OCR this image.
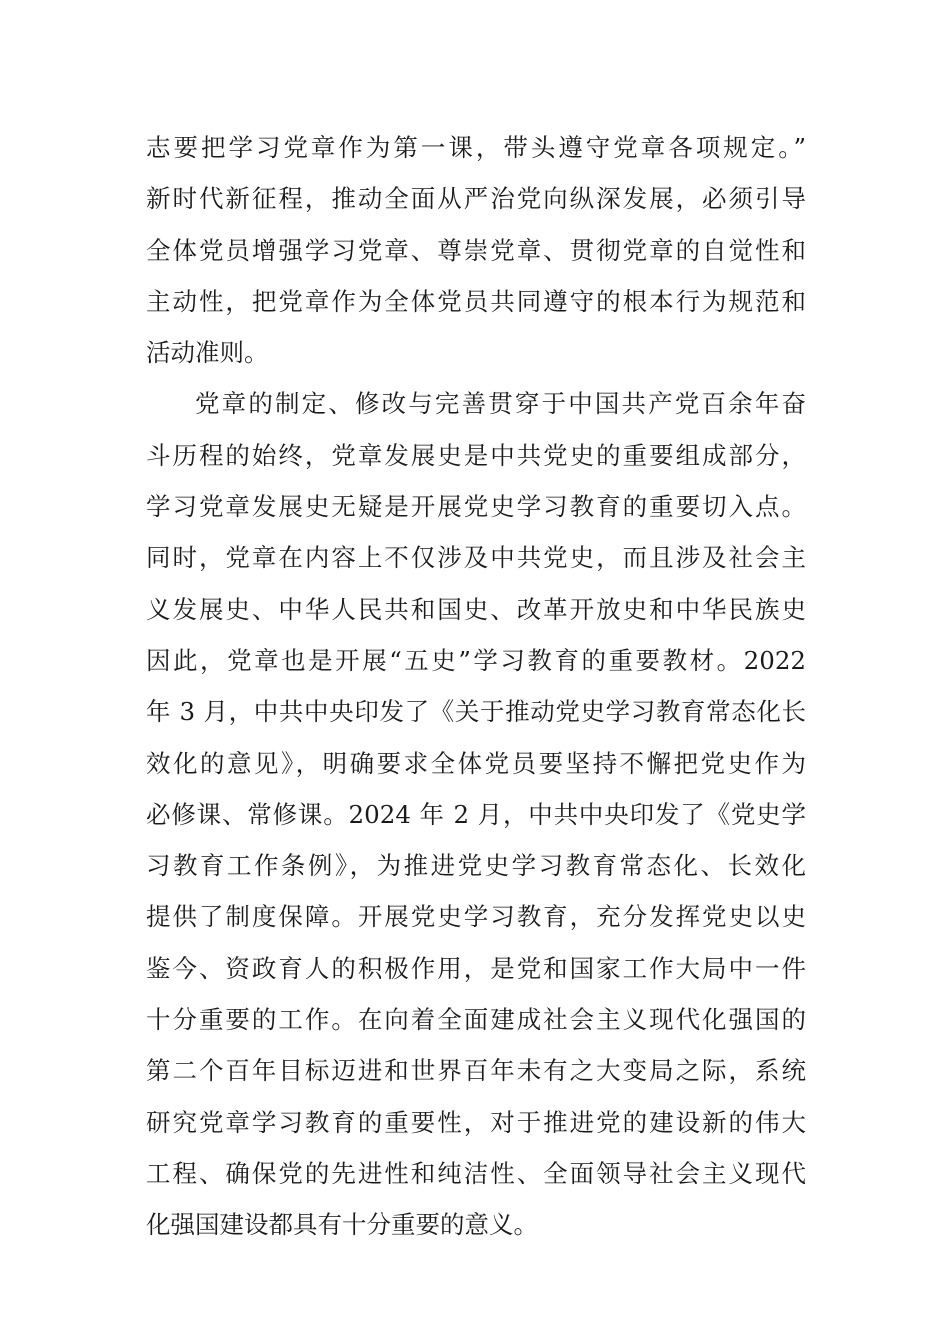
志要把学习党章作为第一课，带头遵守党章各项规定。”
新时代新征程，推动全面从严治党向纵深发展，必须引导
全体党员增强学习党章、尊崇党章、贯彻党章的自觉性和
主动性，把党章作为全体党员共同遵守的根本行为规范和
活动准则。
党章的制定、修改与完善贯穿于中国共产党百余年奋
斗历程的始终，党章发展史是中共党史的重要组成部分，
学习党章发展史无疑是开展党史学习教育的重要切入点。
同时，党章在内容上不仅涉及中共党史，而且涉及社会主
义发展史、中华人民共和国史、改革开放史和中华民族史
因此，党章也是开展“五史”学习教育的重要教材。2022
年 3 月，中共中央印发了《关于推动党史学习教育常态化长
效化的意见》，明确要求全体党员要坚持不懈把党史作为
必修课、常修课。2024 年 2 月，中共中央印发了《党史学
习教育工作条例》，为推进党史学习教育常态化、长效化
提供了制度保障。开展党史学习教育，充分发挥党史以史
鉴今、资政育人的积极作用，是党和国家工作大局中一件
十分重要的工作。在向着全面建成社会主义现代化强国的
第二个百年目标迈进和世界百年未有之大变局之际，系统
研究党章学习教育的重要性，对于推进党的建设新的伟大
工程、确保党的先进性和纯洁性、全面领导社会主义现代
化强国建设都具有十分重要的意义。
